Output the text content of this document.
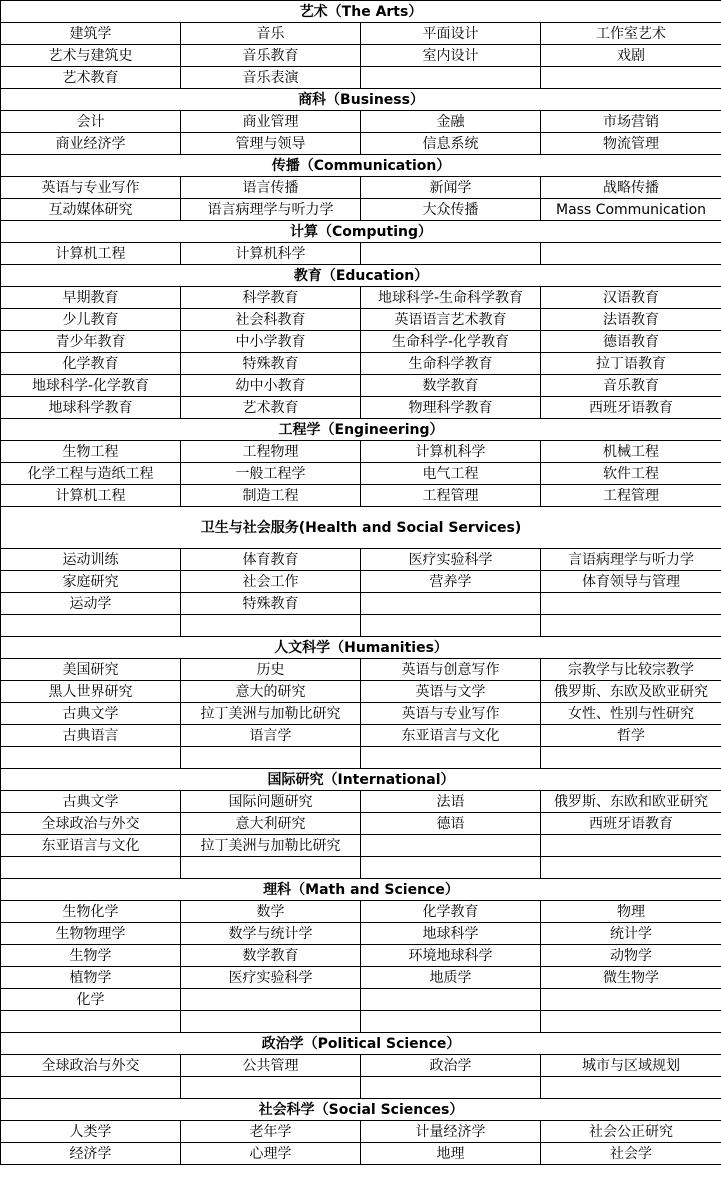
艺术（The Arts）			
建筑学	音乐	平面设计	工作室艺术
艺术与建筑史	音乐教育	室内设计	戏剧
艺术教育	音乐表演		
商科（Business）			
会计	商业管理	金融	市场营销
商业经济学	管理与领导	信息系统	物流管理
传播（Communication）			
英语与专业写作	语言传播	新闻学	战略传播
互动媒体研究	语言病理学与听力学	大众传播	Mass Communication
计算（Computing）			
计算机工程	计算机科学		
教育（Education）			
早期教育	科学教育	地球科学-生命科学教育	汉语教育
少儿教育	社会科教育	英语语言艺术教育	法语教育
青少年教育	中小学教育	生命科学-化学教育	德语教育
化学教育	特殊教育	生命科学教育	拉丁语教育
地球科学-化学教育	幼中小教育	数学教育	音乐教育
地球科学教育	艺术教育	物理科学教育	西班牙语教育
工程学（Engineering）			
生物工程	工程物理	计算机科学	机械工程
化学工程与造纸工程	一般工程学	电气工程	软件工程
计算机工程	制造工程	工程管理	工程管理
卫生与社会服务(Health and Social Services)			
运动训练	体育教育	医疗实验科学	言语病理学与听力学
家庭研究	社会工作	营养学	体育领导与管理
运动学	特殊教育		

人文科学（Humanities）			
美国研究	历史	英语与创意写作	宗教学与比较宗教学
黑人世界研究	意大的研究	英语与文学	俄罗斯、东欧及欧亚研究
古典文学	拉丁美洲与加勒比研究	英语与专业写作	女性、性别与性研究
古典语言	语言学	东亚语言与文化	哲学

国际研究（International）			
古典文学	国际问题研究	法语	俄罗斯、东欧和欧亚研究
全球政治与外交	意大利研究	德语	西班牙语教育
东亚语言与文化	拉丁美洲与加勒比研究		

理科（Math and Science）			
生物化学	数学	化学教育	物理
生物物理学	数学与统计学	地球科学	统计学
生物学	数学教育	环境地球科学	动物学
植物学	医疗实验科学	地质学	微生物学
化学			

政治学（Political Science）			
全球政治与外交	公共管理	政治学	城市与区域规划

社会科学（Social Sciences）			
人类学	老年学	计量经济学	社会公正研究
经济学	心理学	地理	社会学
